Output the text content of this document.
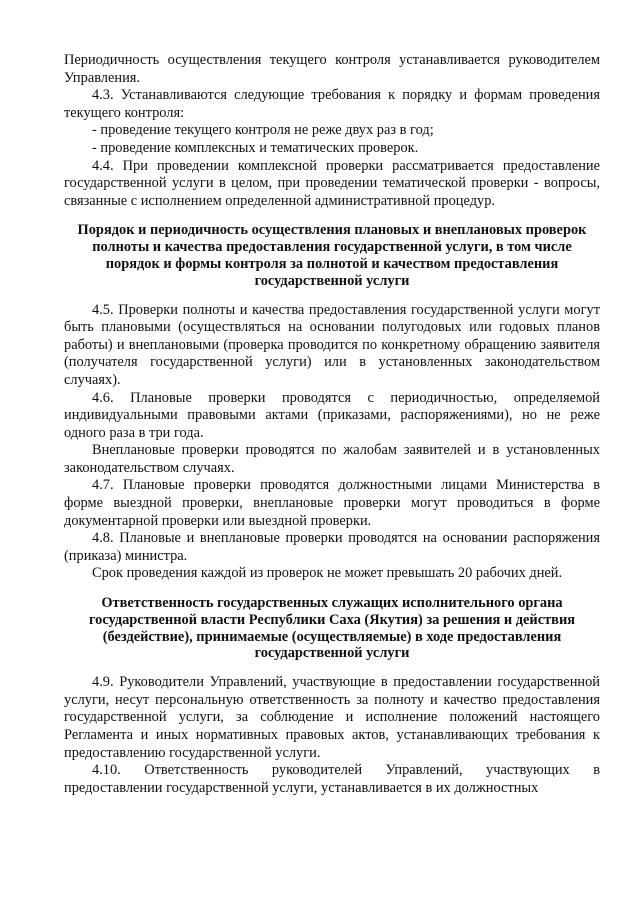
Периодичность осуществления текущего контроля устанавливается руководителем Управления.

4.3. Устанавливаются следующие требования к порядку и формам проведения текущего контроля:

- проведение текущего контроля не реже двух раз в год;

- проведение комплексных и тематических проверок.

4.4. При проведении комплексной проверки рассматривается предоставление государственной услуги в целом, при проведении тематической проверки - вопросы, связанные с исполнением определенной административной процедур.

Порядок и периодичность осуществления плановых и внеплановых проверок полноты и качества предоставления государственной услуги, в том числе порядок и формы контроля за полнотой и качеством предоставления государственной услуги

4.5. Проверки полноты и качества предоставления государственной услуги могут быть плановыми (осуществляться на основании полугодовых или годовых планов работы) и внеплановыми (проверка проводится по конкретному обращению заявителя (получателя государственной услуги) или в установленных законодательством случаях).

4.6. Плановые проверки проводятся с периодичностью, определяемой индивидуальными правовыми актами (приказами, распоряжениями), но не реже одного раза в три года.

Внеплановые проверки проводятся по жалобам заявителей и в установленных законодательством случаях.

4.7. Плановые проверки проводятся должностными лицами Министерства в форме выездной проверки, внеплановые проверки могут проводиться в форме документарной проверки или выездной проверки.

4.8. Плановые и внеплановые проверки проводятся на основании распоряжения (приказа) министра.

Срок проведения каждой из проверок не может превышать 20 рабочих дней.

Ответственность государственных служащих исполнительного органа государственной власти Республики Саха (Якутия) за решения и действия (бездействие), принимаемые (осуществляемые) в ходе предоставления государственной услуги

4.9. Руководители Управлений, участвующие в предоставлении государственной услуги, несут персональную ответственность за полноту и качество предоставления государственной услуги, за соблюдение и исполнение положений настоящего Регламента и иных нормативных правовых актов, устанавливающих требования к предоставлению государственной услуги.

4.10. Ответственность руководителей Управлений, участвующих в предоставлении государственной услуги, устанавливается в их должностных
